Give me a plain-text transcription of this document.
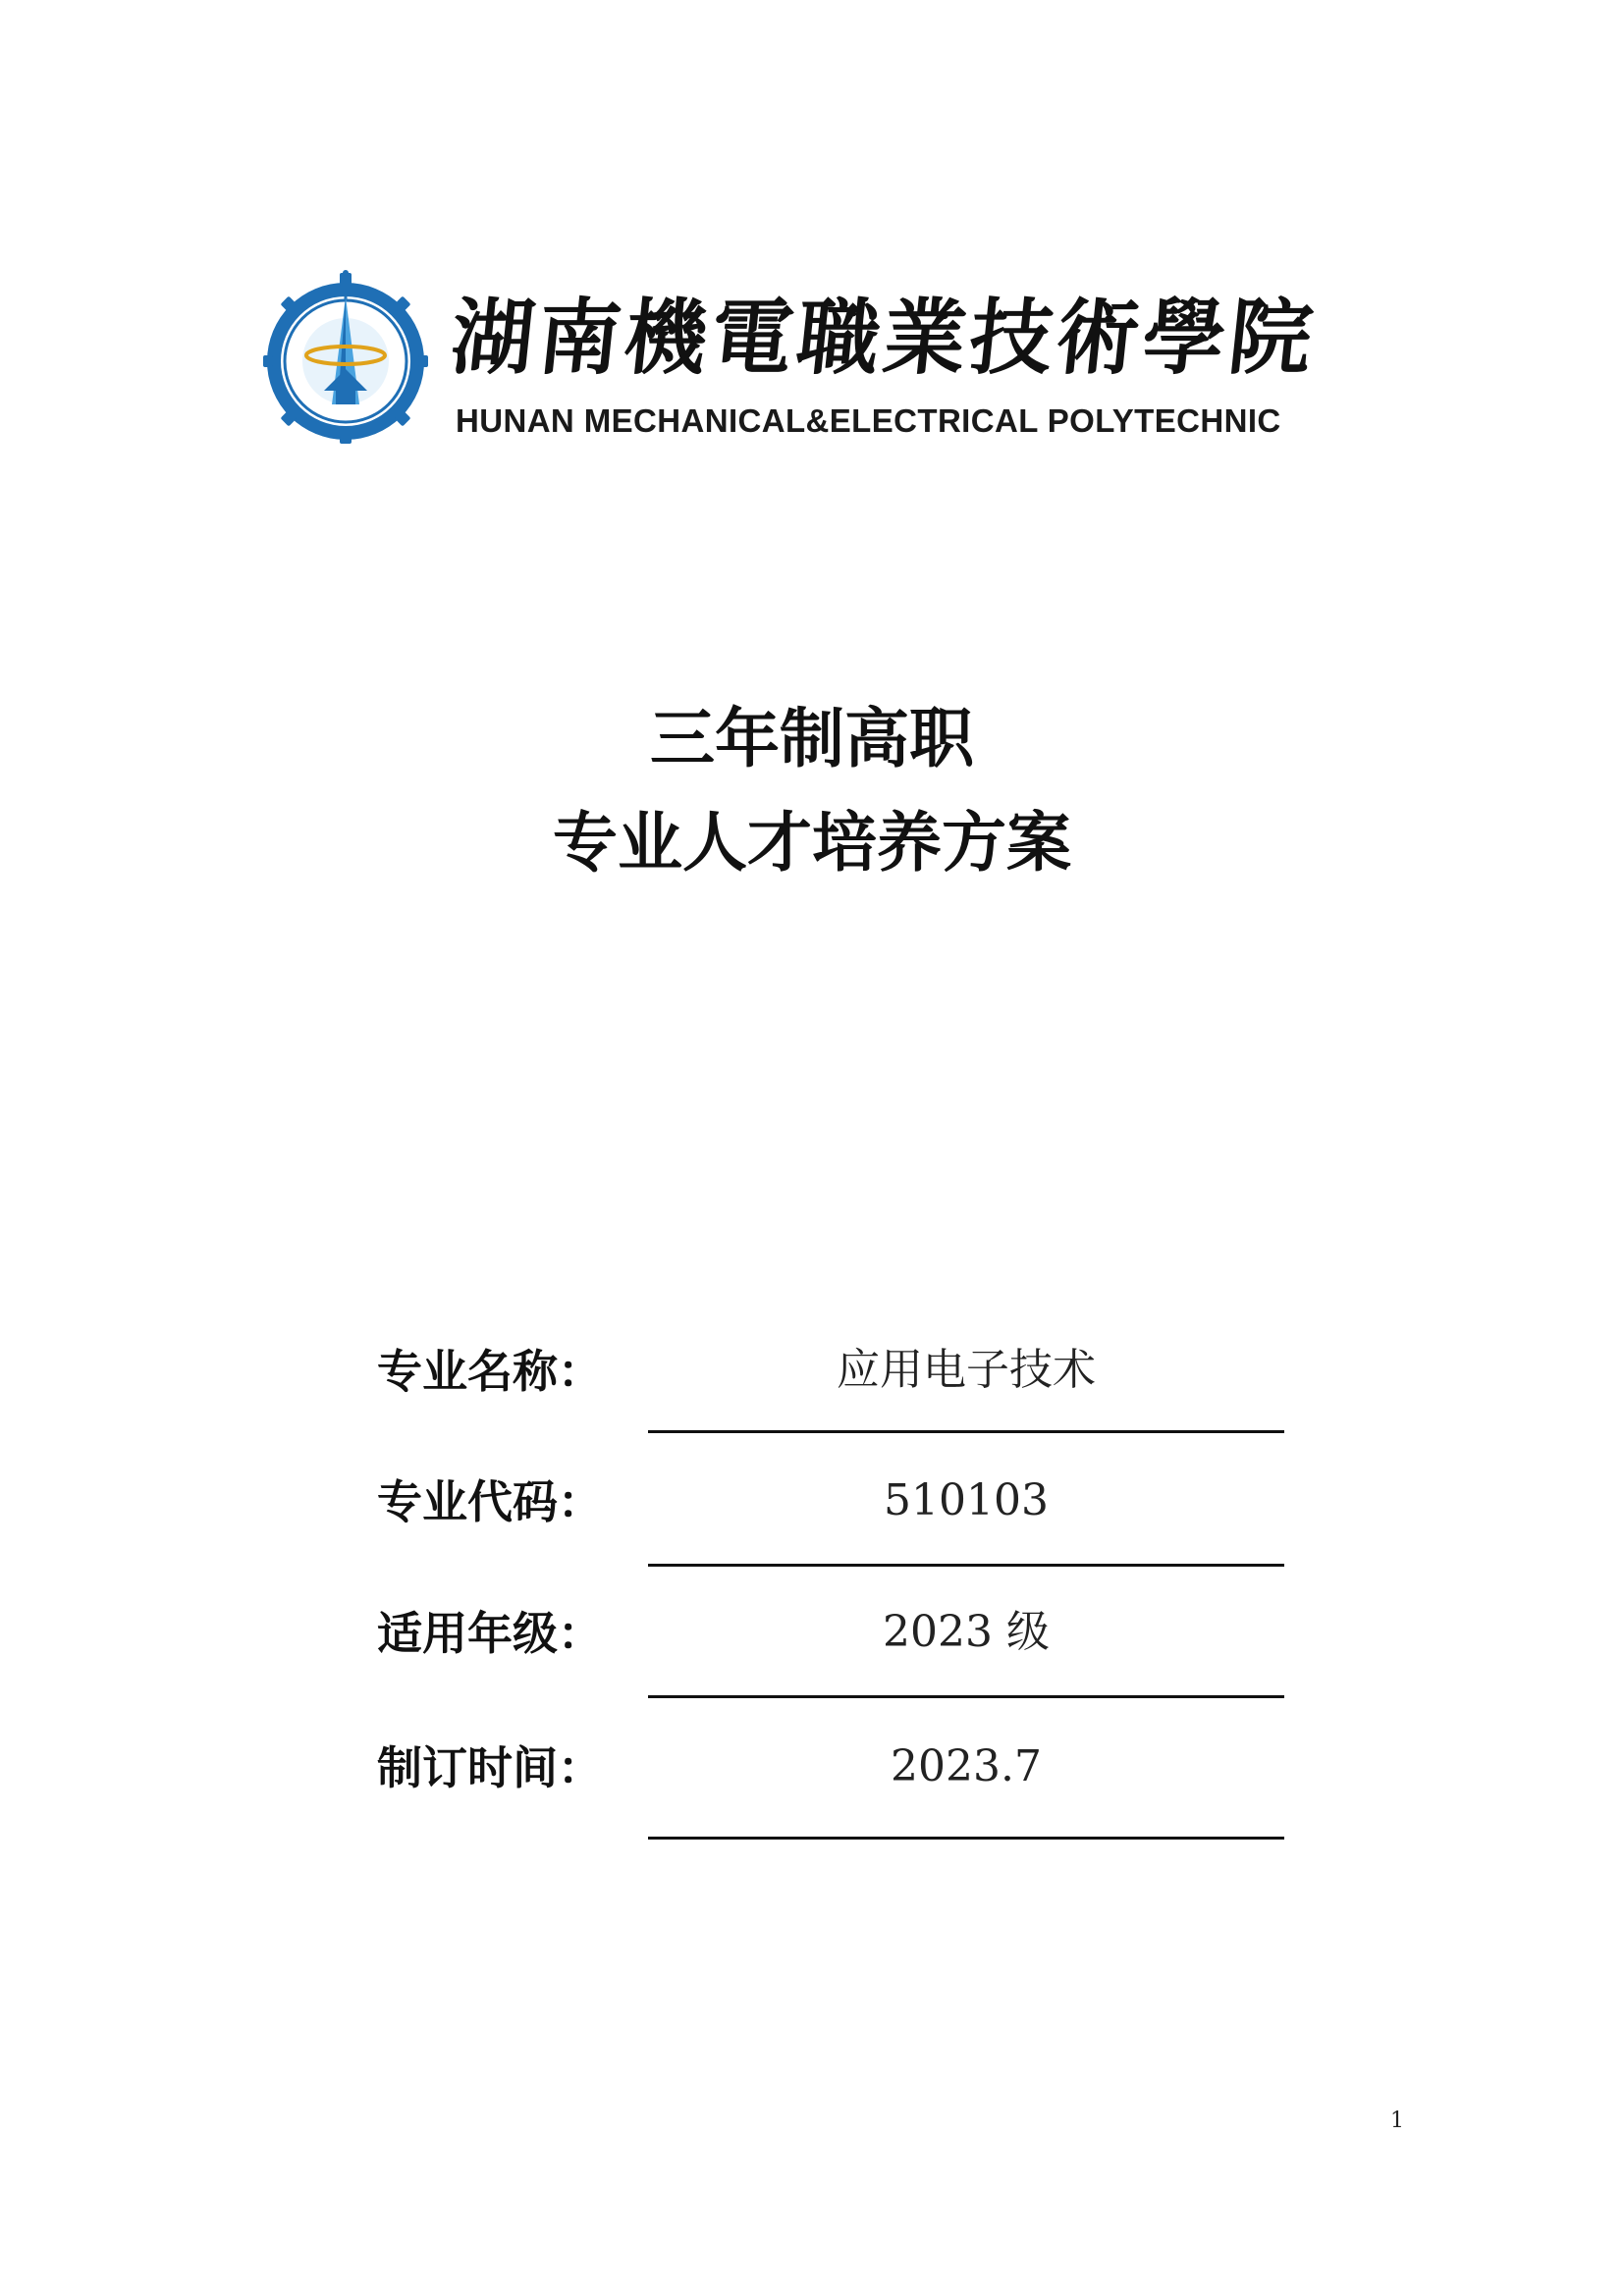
湖南機電職業技術學院
HUNAN MECHANICAL&ELECTRICAL POLYTECHNIC
三年制高职
专业人才培养方案
专业名称：	应用电子技术
专业代码：	510103
适用年级：	2023 级
制订时间：	2023.7
1
